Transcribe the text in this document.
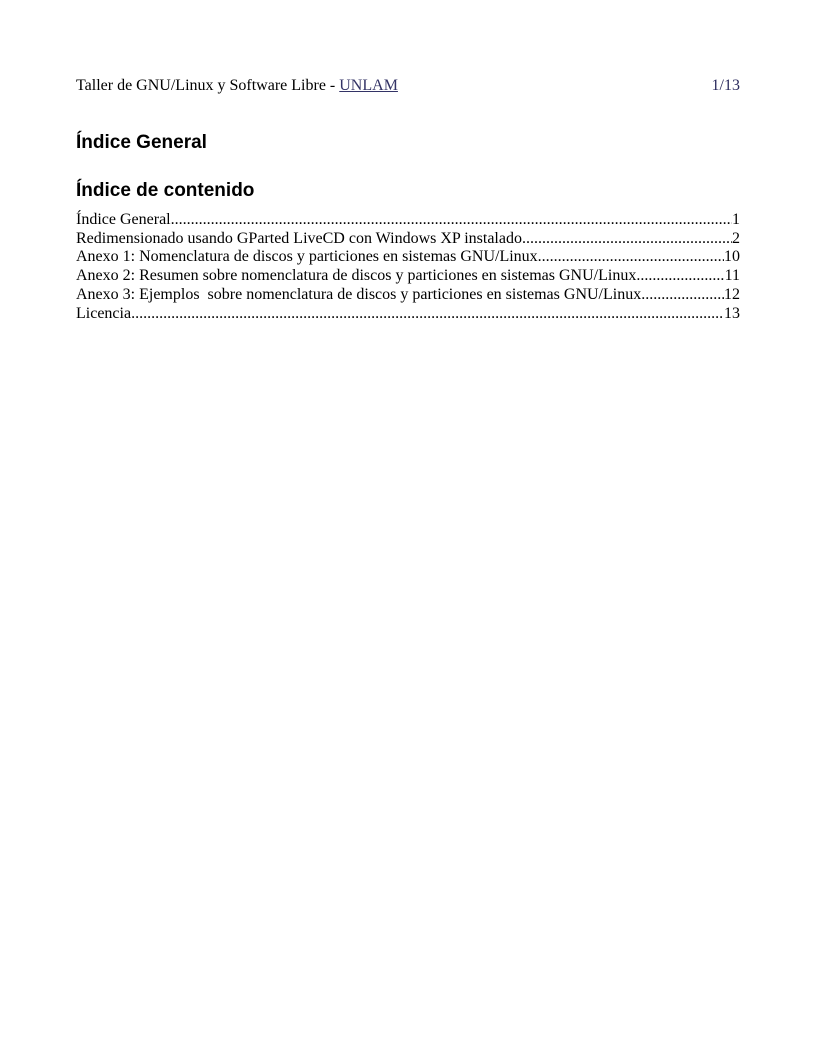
Taller de GNU/Linux y Software Libre - UNLAM	1/13
Índice General
Índice de contenido
Índice General .....	1
Redimensionado usando GParted LiveCD con Windows XP instalado .....	2
Anexo 1: Nomenclatura de discos y particiones en sistemas GNU/Linux .....	10
Anexo 2: Resumen sobre nomenclatura de discos y particiones en sistemas GNU/Linux .....	11
Anexo 3: Ejemplos  sobre nomenclatura de discos y particiones en sistemas GNU/Linux .....	12
Licencia .....	13
